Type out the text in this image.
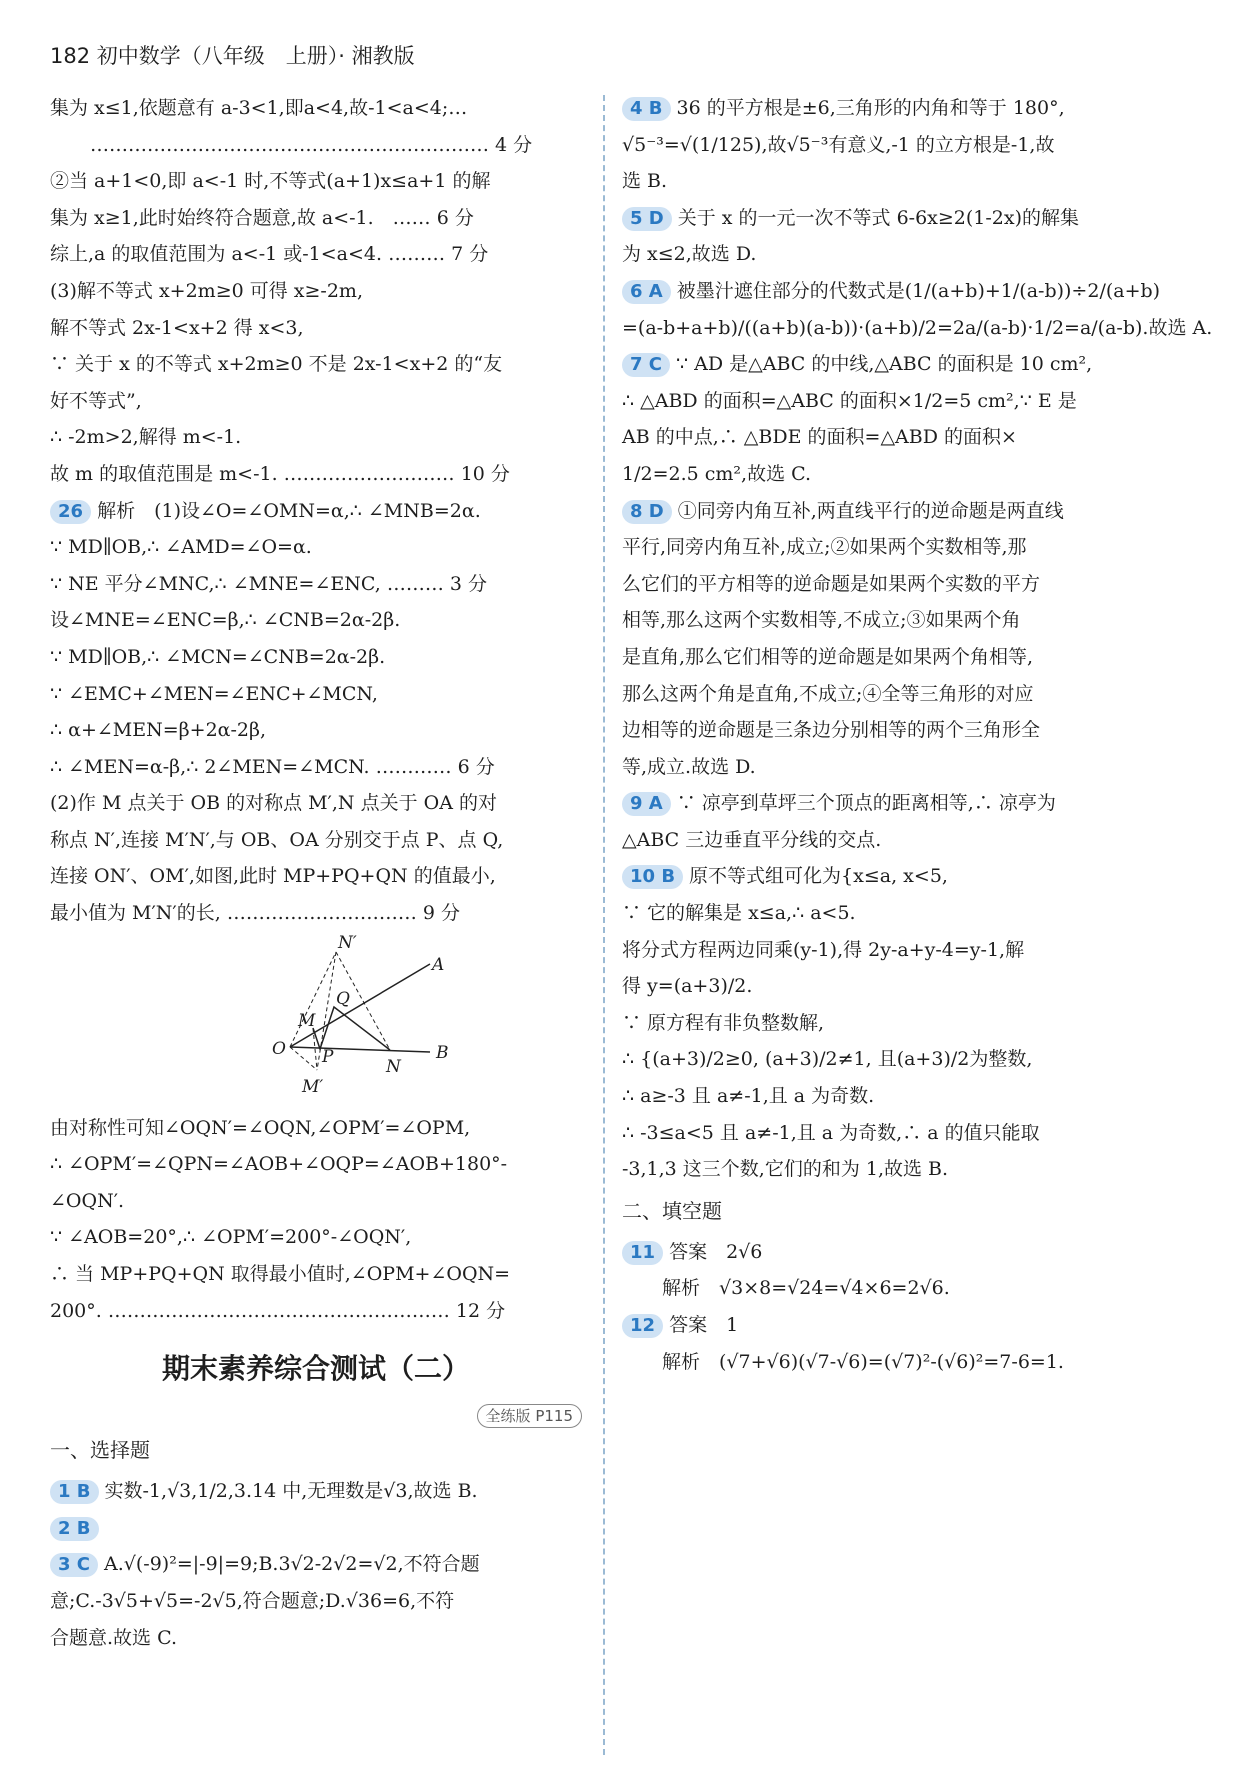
182 初中数学（八年级　上册）· 湘教版
集为 x≤1,依题意有 a-3<1,即a<4,故-1<a<4;…
……………………………………………………… 4 分
②当 a+1<0,即 a<-1 时,不等式(a+1)x≤a+1 的解
集为 x≥1,此时始终符合题意,故 a<-1.　…… 6 分
综上,a 的取值范围为 a<-1 或-1<a<4. ……… 7 分
(3)解不等式 x+2m≥0 可得 x≥-2m,
解不等式 2x-1<x+2 得 x<3,
∵ 关于 x 的不等式 x+2m≥0 不是 2x-1<x+2 的“友
好不等式”,
∴ -2m>2,解得 m<-1.
故 m 的取值范围是 m<-1. ……………………… 10 分
26 解析　(1)设∠O=∠OMN=α,∴ ∠MNB=2α.
∵ MD∥OB,∴ ∠AMD=∠O=α.
∵ NE 平分∠MNC,∴ ∠MNE=∠ENC, ……… 3 分
设∠MNE=∠ENC=β,∴ ∠CNB=2α-2β.
∵ MD∥OB,∴ ∠MCN=∠CNB=2α-2β.
∵ ∠EMC+∠MEN=∠ENC+∠MCN,
∴ α+∠MEN=β+2α-2β,
∴ ∠MEN=α-β,∴ 2∠MEN=∠MCN. ………… 6 分
(2)作 M 点关于 OB 的对称点 M′,N 点关于 OA 的对
称点 N′,连接 M′N′,与 OB、OA 分别交于点 P、点 Q,
连接 ON′、OM′,如图,此时 MP+PQ+QN 的值最小,
最小值为 M′N′的长, ………………………… 9 分
N′
A
Q
M
O P	N
B
M′
由对称性可知∠OQN′=∠OQN,∠OPM′=∠OPM,
∴ ∠OPM′=∠QPN=∠AOB+∠OQP=∠AOB+180°-
∠OQN′.
∵ ∠AOB=20°,∴ ∠OPM′=200°-∠OQN′,
∴ 当 MP+PQ+QN 取得最小值时,∠OPM+∠OQN=
200°. ……………………………………………… 12 分
期末素养综合测试（二）
全练版 P115
一、选择题
1 B 实数-1,√3,1/2,3.14 中,无理数是√3,故选 B.
2 B
3 C A.√(-9)²=|-9|=9;B.3√2-2√2=√2,不符合题
意;C.-3√5+√5=-2√5,符合题意;D.√36=6,不符
合题意.故选 C.
4 B 36 的平方根是±6,三角形的内角和等于 180°,
√5⁻³=√(1/125),故√5⁻³有意义,-1 的立方根是-1,故
选 B.
5 D 关于 x 的一元一次不等式 6-6x≥2(1-2x)的解集
为 x≤2,故选 D.
6 A 被墨汁遮住部分的代数式是(1/(a+b)+1/(a-b))÷2/(a+b)
=(a-b+a+b)/((a+b)(a-b))·(a+b)/2=2a/(a-b)·1/2=a/(a-b).故选 A.
7 C ∵ AD 是△ABC 的中线,△ABC 的面积是 10 cm²,
∴ △ABD 的面积=△ABC 的面积×1/2=5 cm²,∵ E 是
AB 的中点,∴ △BDE 的面积=△ABD 的面积×
1/2=2.5 cm²,故选 C.
8 D ①同旁内角互补,两直线平行的逆命题是两直线
平行,同旁内角互补,成立;②如果两个实数相等,那
么它们的平方相等的逆命题是如果两个实数的平方
相等,那么这两个实数相等,不成立;③如果两个角
是直角,那么它们相等的逆命题是如果两个角相等,
那么这两个角是直角,不成立;④全等三角形的对应
边相等的逆命题是三条边分别相等的两个三角形全
等,成立.故选 D.
9 A ∵ 凉亭到草坪三个顶点的距离相等,∴ 凉亭为
△ABC 三边垂直平分线的交点.
10 B 原不等式组可化为{x≤a, x<5,
∵ 它的解集是 x≤a,∴ a<5.
将分式方程两边同乘(y-1),得 2y-a+y-4=y-1,解
得 y=(a+3)/2.
∵ 原方程有非负整数解,
∴ {(a+3)/2≥0, (a+3)/2≠1, 且(a+3)/2为整数,
∴ a≥-3 且 a≠-1,且 a 为奇数.
∴ -3≤a<5 且 a≠-1,且 a 为奇数,∴ a 的值只能取
-3,1,3 这三个数,它们的和为 1,故选 B.
二、填空题
11 答案　2√6
解析　√3×8=√24=√4×6=2√6.
12 答案　1
解析　(√7+√6)(√7-√6)=(√7)²-(√6)²=7-6=1.
